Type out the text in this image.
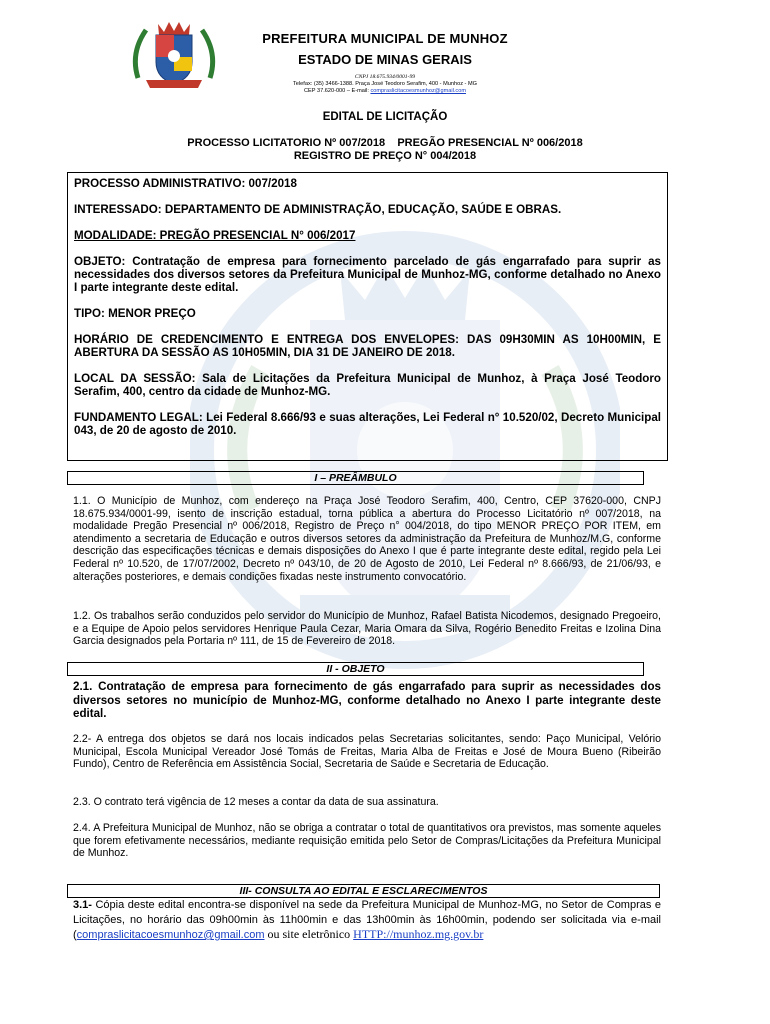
PREFEITURA MUNICIPAL DE MUNHOZ
ESTADO DE MINAS GERAIS
CNPJ 18.675.934/0001-99
Telefax: (35) 3466-1388. Praça José Teodoro Serafim, 400 - Munhoz - MG
CEP 37.620-000 – E-mail: compraslicitacoesmunhoz@gmail.com
EDITAL DE LICITAÇÃO
PROCESSO LICITATORIO Nº 007/2018    PREGÃO PRESENCIAL Nº 006/2018
REGISTRO DE PREÇO N° 004/2018

PROCESSO ADMINISTRATIVO: 007/2018

INTERESSADO: DEPARTAMENTO DE ADMINISTRAÇÃO, EDUCAÇÃO, SAÚDE E OBRAS.

MODALIDADE: PREGÃO PRESENCIAL N° 006/2017

OBJETO: Contratação de empresa para fornecimento parcelado de gás engarrafado para suprir as necessidades dos diversos setores da Prefeitura Municipal de Munhoz-MG, conforme detalhado no Anexo I parte integrante deste edital.

TIPO: MENOR PREÇO

HORÁRIO DE CREDENCIMENTO E ENTREGA DOS ENVELOPES: DAS 09H30MIN AS 10H00MIN, E ABERTURA DA SESSÃO AS 10H05MIN, DIA 31 DE JANEIRO DE 2018.

LOCAL DA SESSÃO: Sala de Licitações da Prefeitura Municipal de Munhoz, à Praça José Teodoro Serafim, 400, centro da cidade de Munhoz-MG.

FUNDAMENTO LEGAL: Lei Federal 8.666/93 e suas alterações, Lei Federal n° 10.520/02, Decreto Municipal 043, de 20 de agosto de 2010.

I – PREÂMBULO

1.1. O Município de Munhoz, com endereço na Praça José Teodoro Serafim, 400, Centro, CEP 37620-000, CNPJ 18.675.934/0001-99, isento de inscrição estadual, torna pública a abertura do Processo Licitatório nº 007/2018, na modalidade Pregão Presencial nº 006/2018, Registro de Preço n° 004/2018, do tipo MENOR PREÇO POR ITEM, em atendimento a secretaria de Educação e outros diversos setores da administração da Prefeitura de Munhoz/M.G, conforme descrição das especificações técnicas e demais disposições do Anexo I que é parte integrante deste edital, regido pela Lei Federal nº 10.520, de 17/07/2002, Decreto nº 043/10, de 20 de Agosto de 2010, Lei Federal nº 8.666/93, de 21/06/93, e alterações posteriores, e demais condições fixadas neste instrumento convocatório.

1.2. Os trabalhos serão conduzidos pelo servidor do Município de Munhoz, Rafael Batista Nicodemos, designado Pregoeiro, e a Equipe de Apoio pelos servidores Henrique Paula Cezar, Maria Omara da Silva, Rogério Benedito Freitas e Izolina Dina Garcia designados pela Portaria nº 111, de 15 de Fevereiro de 2018.

II - OBJETO

2.1. Contratação de empresa para fornecimento de gás engarrafado para suprir as necessidades dos diversos setores no município de Munhoz-MG, conforme detalhado no Anexo I parte integrante deste edital.

2.2- A entrega dos objetos se dará nos locais indicados pelas Secretarias solicitantes, sendo: Paço Municipal, Velório Municipal, Escola Municipal Vereador José Tomás de Freitas, Maria Alba de Freitas e José de Moura Bueno (Ribeirão Fundo), Centro de Referência em Assistência Social, Secretaria de Saúde e Secretaria de Educação.

2.3. O contrato terá vigência de 12 meses a contar da data de sua assinatura.

2.4. A Prefeitura Municipal de Munhoz, não se obriga a contratar o total de quantitativos ora previstos, mas somente aqueles que forem efetivamente necessários, mediante requisição emitida pelo Setor de Compras/Licitações da Prefeitura Municipal de Munhoz.

III- CONSULTA AO EDITAL E ESCLARECIMENTOS

3.1- Cópia deste edital encontra-se disponível na sede da Prefeitura Municipal de Munhoz-MG, no Setor de Compras e Licitações, no horário das 09h00min às 11h00min e das 13h00min às 16h00min, podendo ser solicitada via e-mail (compraslicitacoesmunhoz@gmail.com ou site eletrônico HTTP://munhoz.mg.gov.br
